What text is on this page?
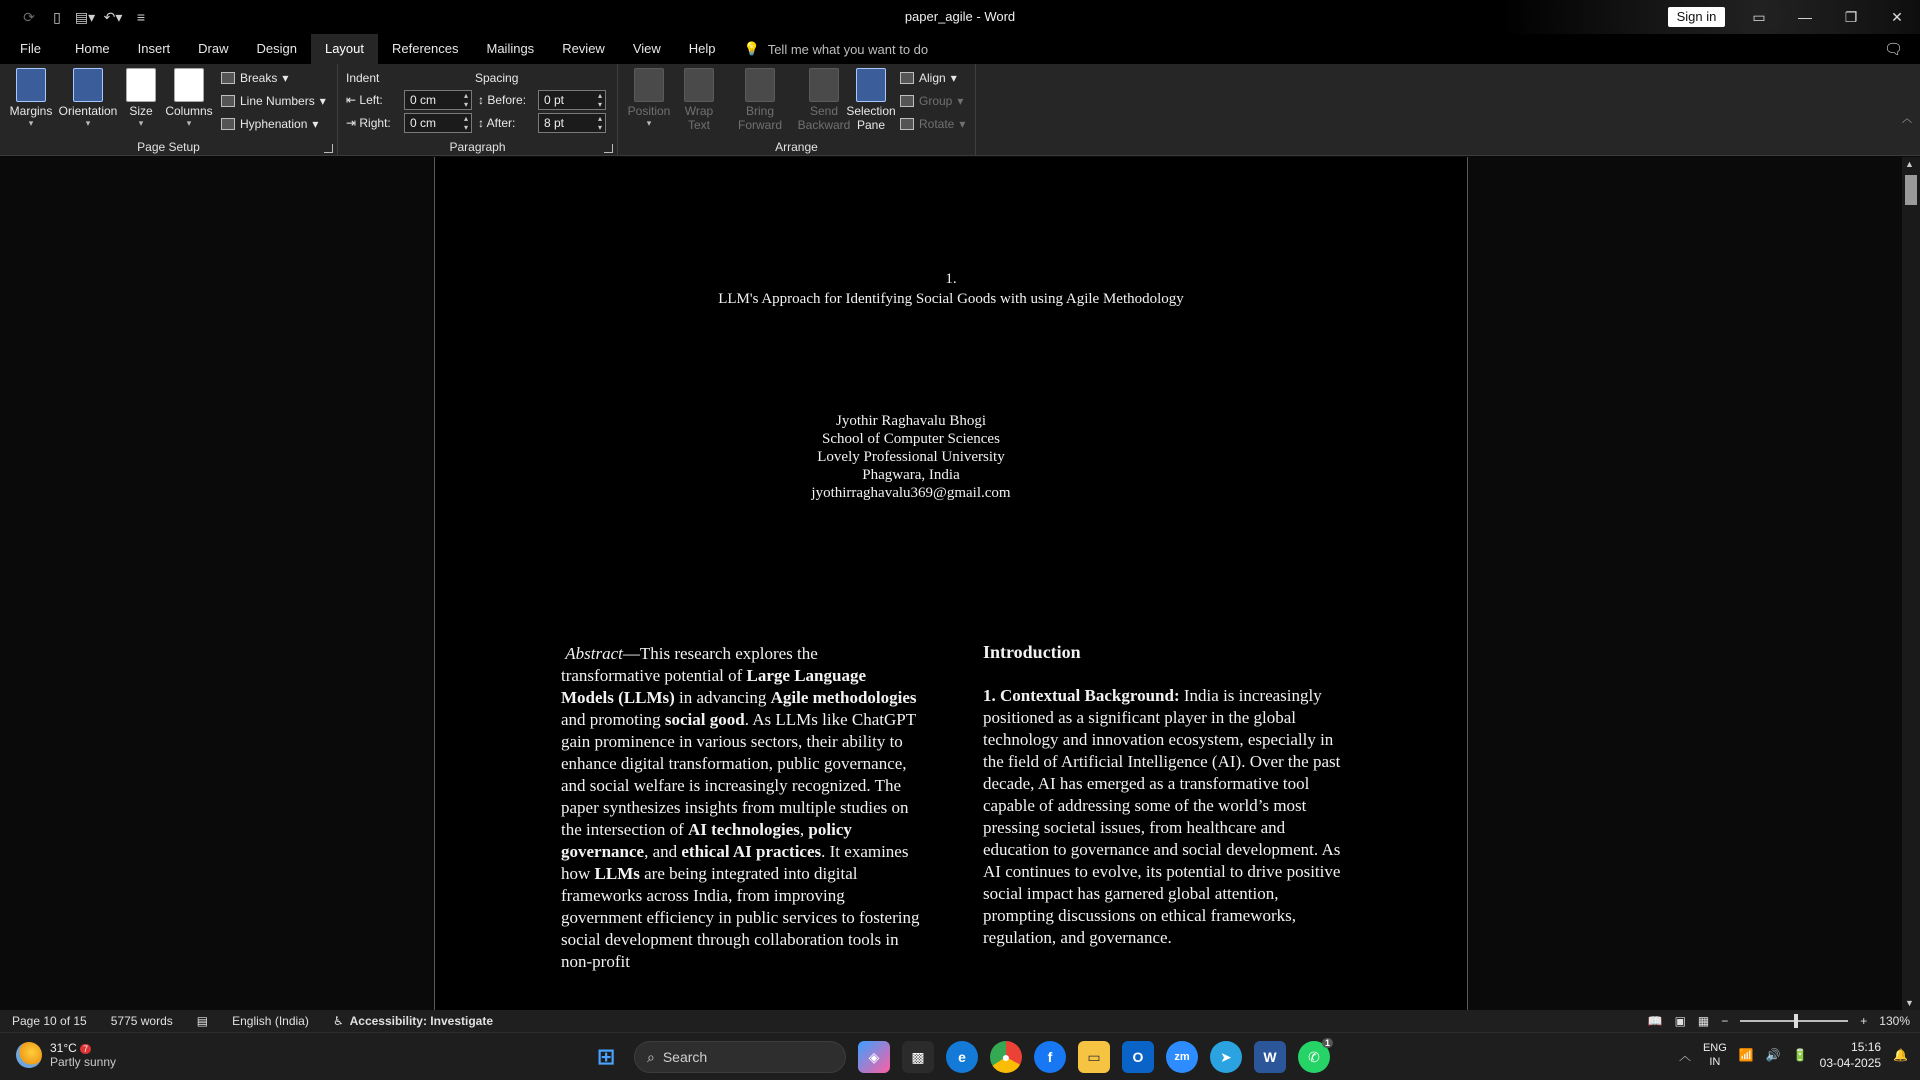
⟳	▯	▤▾ ↶▾	≡	paper_agile - Word	Sign in	▭	—	❐	✕
File	Home	Insert	Draw	Design	Layout	References	Mailings	Review	View	Help	💡 Tell me what you want to do	🗨
Margins
▾
Orientation
▾
Size
▾
Columns
▾
Breaks ▾
Line Numbers ▾
Hyphenation ▾
Page Setup
Indent	Spacing
⇤ Left:	0 cm	▴
▾
⇥ Right:	0 cm	▴
▾
↕ Before:	0 pt	▴
▾
↕ After:	8 pt	▴
▾
Paragraph
Position
▾
Wrap
Text
Bring
Forward
Send
Backward
Selection
Pane
Align ▾
Group ▾
Rotate ▾
Arrange
︿
1.
LLM's Approach for Identifying Social Goods with using Agile Methodology
Jyothir Raghavalu Bhogi
School of Computer Sciences
Lovely Professional University
Phagwara, India
jyothirraghavalu369@gmail.com

Abstract—This research explores the transformative potential of Large Language Models (LLMs) in advancing Agile methodologies and promoting social good. As LLMs like ChatGPT gain prominence in various sectors, their ability to enhance digital transformation, public governance, and social welfare is increasingly recognized. The paper synthesizes insights from multiple studies on the intersection of AI technologies, policy governance, and ethical AI practices. It examines how LLMs are being integrated into digital frameworks across India, from improving government efficiency in public services to fostering social development through collaboration tools in non-profit

Introduction

1. Contextual Background: India is increasingly positioned as a significant player in the global technology and innovation ecosystem, especially in the field of Artificial Intelligence (AI). Over the past decade, AI has emerged as a transformative tool capable of addressing some of the world’s most pressing societal issues, from healthcare and education to governance and social development. As AI continues to evolve, its potential to drive positive social impact has garnered global attention, prompting discussions on ethical frameworks, regulation, and governance.

▲
▼
Page 10 of 15	5775 words	▤	English (India)	♿ Accessibility: Investigate	📖 ▣ ▦ −	+ 130%
31°C 7
Partly sunny	⊞	⌕ Search	◈	▩	e	●	f	▭	O	zm	➤	W	✆
1
︿
ENG
IN	📶 🔊 🔋
15:16
03-04-2025
🔔
